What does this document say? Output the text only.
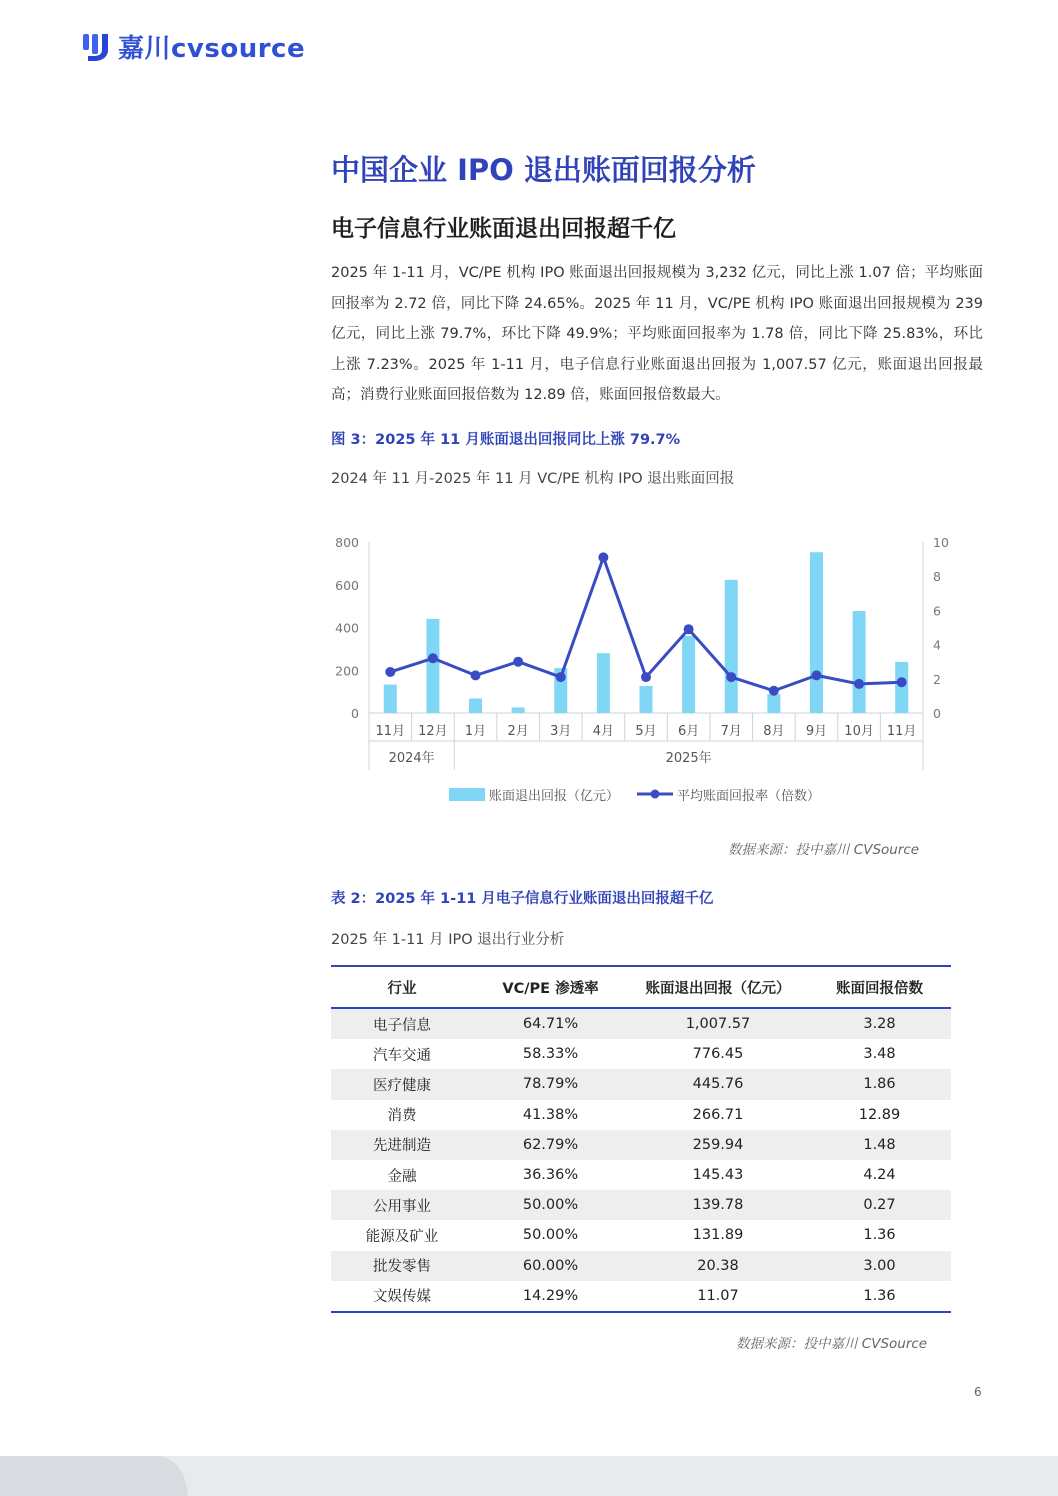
嘉川cvsource
中国企业 IPO 退出账面回报分析
电子信息行业账面退出回报超千亿

2025 年 1-11 月，VC/PE 机构 IPO 账面退出回报规模为 3,232 亿元，同比上涨 1.07 倍；平均账面回报率为 2.72 倍，同比下降 24.65%。2025 年 11 月，VC/PE 机构 IPO 账面退出回报规模为 239 亿元，同比上涨 79.7%，环比下降 49.9%；平均账面回报率为 1.78 倍，同比下降 25.83%，环比上涨 7.23%。2025 年 1-11 月，电子信息行业账面退出回报为 1,007.57 亿元，账面退出回报最高；消费行业账面回报倍数为 12.89 倍，账面回报倍数最大。

图 3：2025 年 11 月账面退出回报同比上涨 79.7%
2024 年 11 月-2025 年 11 月 VC/PE 机构 IPO 退出账面回报
0
200
400
600
800
0
2
4
6
8
10
11月 12月 1月 2月 3月 4月 5月 6月 7月 8月 9月 10月 11月
2024年	2025年
账面退出回报（亿元）	平均账面回报率（倍数）
数据来源：投中嘉川 CVSource
表 2：2025 年 1-11 月电子信息行业账面退出回报超千亿
2025 年 1-11 月 IPO 退出行业分析
行业	VC/PE 渗透率	账面退出回报（亿元）	账面回报倍数
电子信息	64.71%	1,007.57	3.28
汽车交通	58.33%	776.45	3.48
医疗健康	78.79%	445.76	1.86
消费	41.38%	266.71	12.89
先进制造	62.79%	259.94	1.48
金融	36.36%	145.43	4.24
公用事业	50.00%	139.78	0.27
能源及矿业	50.00%	131.89	1.36
批发零售	60.00%	20.38	3.00
文娱传媒	14.29%	11.07	1.36
数据来源：投中嘉川 CVSource
6
